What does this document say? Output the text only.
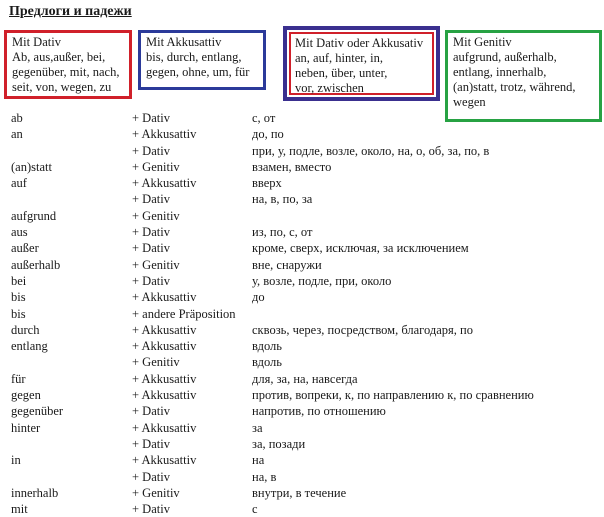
Предлоги и падежи
Mit Dativ
Ab, aus,außer, bei,
gegenüber, mit, nach,
seit, von, wegen, zu
Mit Akkusattiv
bis, durch, entlang,
gegen, ohne, um, für
Mit Dativ oder Akkusativ
an, auf, hinter, in,
neben, über, unter,
vor, zwischen
Mit Genitiv
aufgrund, außerhalb,
entlang, innerhalb,
(an)statt, trotz, während,
wegen
ab	+ Dativ	с, от
an	+ Akkusattiv	до, по
+ Dativ	при, у, подле, возле, около, на, о, об, за, по, в
(an)statt	+ Genitiv	взамен, вместо
auf	+ Akkusattiv	вверх
+ Dativ	на, в, по, за
aufgrund	+ Genitiv
aus	+ Dativ	из, по, с, от
außer	+ Dativ	кроме, сверх, исключая, за исключением
außerhalb	+ Genitiv	вне, снаружи
bei	+ Dativ	у, возле, подле, при, около
bis	+ Akkusattiv	до
bis	+ andere Präposition
durch	+ Akkusattiv	сквозь, через, посредством, благодаря, по
entlang	+ Akkusattiv	вдоль
+ Genitiv	вдоль
für	+ Akkusattiv	для, за, на, навсегда
gegen	+ Akkusattiv	против, вопреки, к, по направлению к, по сравнению
gegenüber	+ Dativ	напротив, по отношению
hinter	+ Akkusattiv	за
+ Dativ	за, позади
in	+ Akkusattiv	на
+ Dativ	на, в
innerhalb	+ Genitiv	внутри, в течение
mit	+ Dativ	с
